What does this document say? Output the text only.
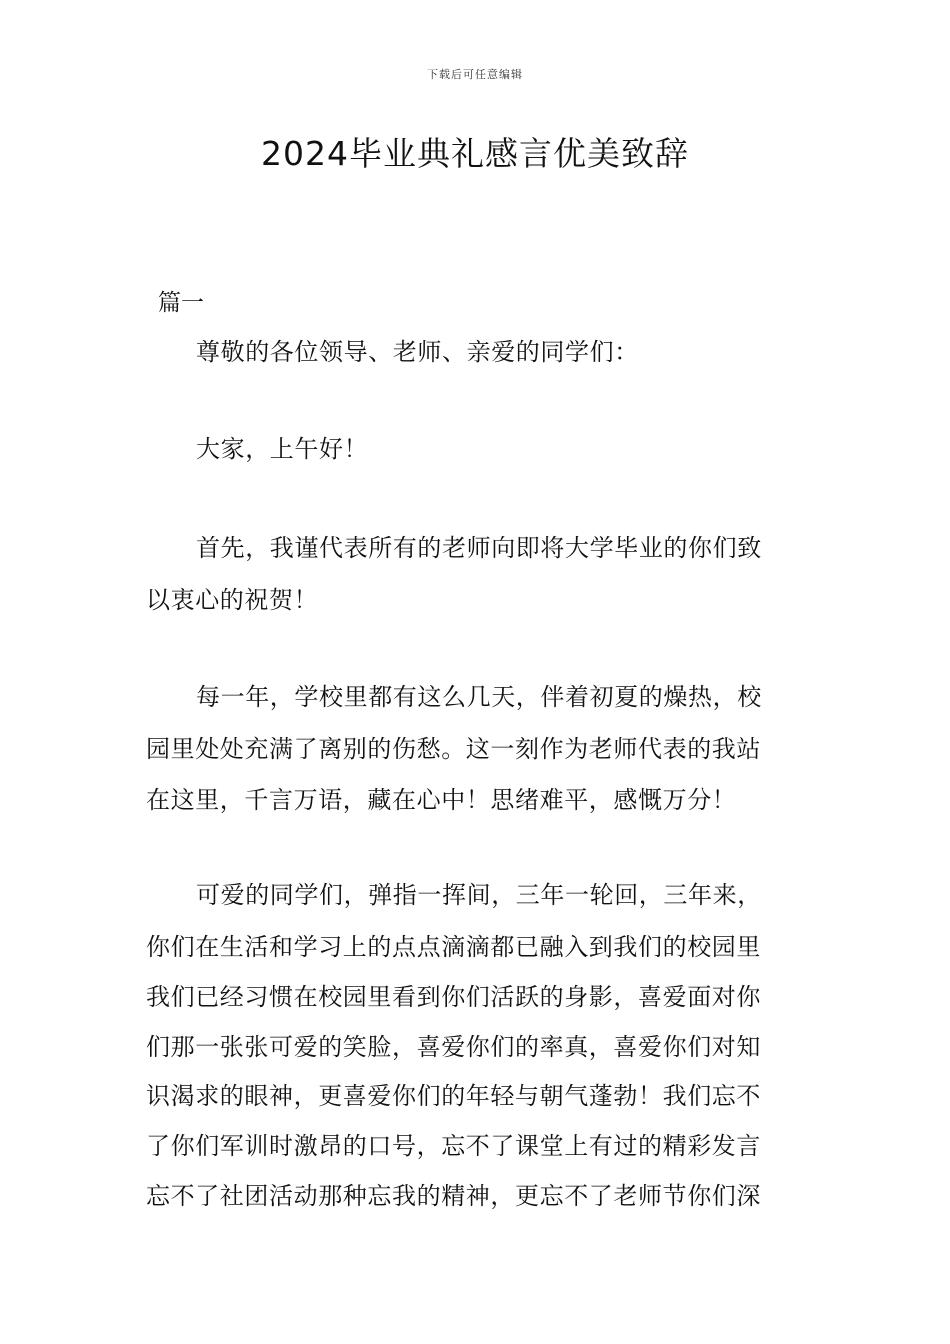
下载后可任意编辑
2024毕业典礼感言优美致辞
篇一
尊敬的各位领导、老师、亲爱的同学们：
大家，上午好！
首先，我谨代表所有的老师向即将大学毕业的你们致
以衷心的祝贺！
每一年，学校里都有这么几天，伴着初夏的燥热，校
园里处处充满了离别的伤愁。这一刻作为老师代表的我站
在这里，千言万语，藏在心中！思绪难平，感慨万分！
可爱的同学们，弹指一挥间，三年一轮回，三年来，
你们在生活和学习上的点点滴滴都已融入到我们的校园里
我们已经习惯在校园里看到你们活跃的身影，喜爱面对你
们那一张张可爱的笑脸，喜爱你们的率真，喜爱你们对知
识渴求的眼神，更喜爱你们的年轻与朝气蓬勃！我们忘不
了你们军训时激昂的口号，忘不了课堂上有过的精彩发言
忘不了社团活动那种忘我的精神，更忘不了老师节你们深
